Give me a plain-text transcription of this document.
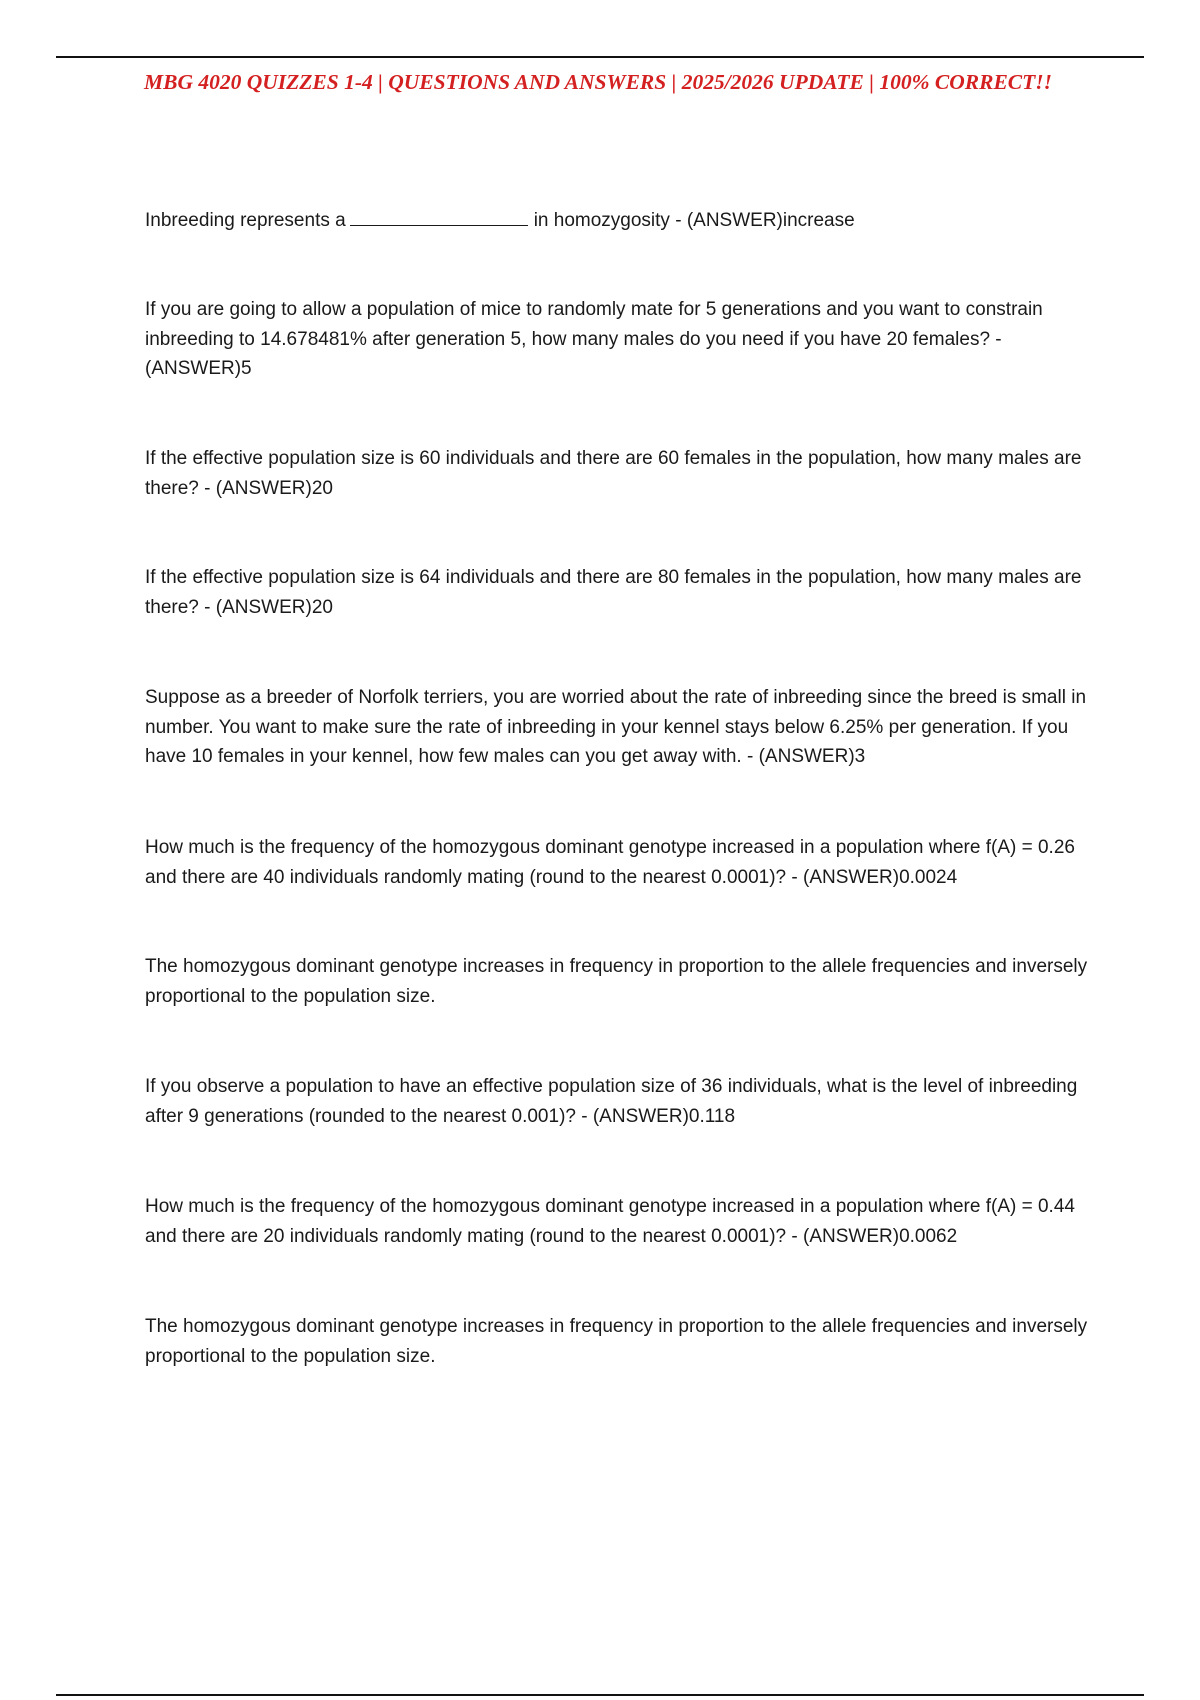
MBG 4020 QUIZZES 1-4 | QUESTIONS AND ANSWERS | 2025/2026 UPDATE | 100% CORRECT!!
Inbreeding represents a	in homozygosity - (ANSWER)increase
If you are going to allow a population of mice to randomly mate for 5 generations and you want to constrain inbreeding to 14.678481% after generation 5, how many males do you need if you have 20 females? - (ANSWER)5
If the effective population size is 60 individuals and there are 60 females in the population, how many males are there? - (ANSWER)20
If the effective population size is 64 individuals and there are 80 females in the population, how many males are there? - (ANSWER)20
Suppose as a breeder of Norfolk terriers, you are worried about the rate of inbreeding since the breed is small in number. You want to make sure the rate of inbreeding in your kennel stays below 6.25% per generation. If you have 10 females in your kennel, how few males can you get away with. - (ANSWER)3
How much is the frequency of the homozygous dominant genotype increased in a population where f(A) = 0.26 and there are 40 individuals randomly mating (round to the nearest 0.0001)? - (ANSWER)0.0024
The homozygous dominant genotype increases in frequency in proportion to the allele frequencies and inversely proportional to the population size.
If you observe a population to have an effective population size of 36 individuals, what is the level of inbreeding after 9 generations (rounded to the nearest 0.001)? - (ANSWER)0.118
How much is the frequency of the homozygous dominant genotype increased in a population where f(A) = 0.44 and there are 20 individuals randomly mating (round to the nearest 0.0001)? - (ANSWER)0.0062
The homozygous dominant genotype increases in frequency in proportion to the allele frequencies and inversely proportional to the population size.
